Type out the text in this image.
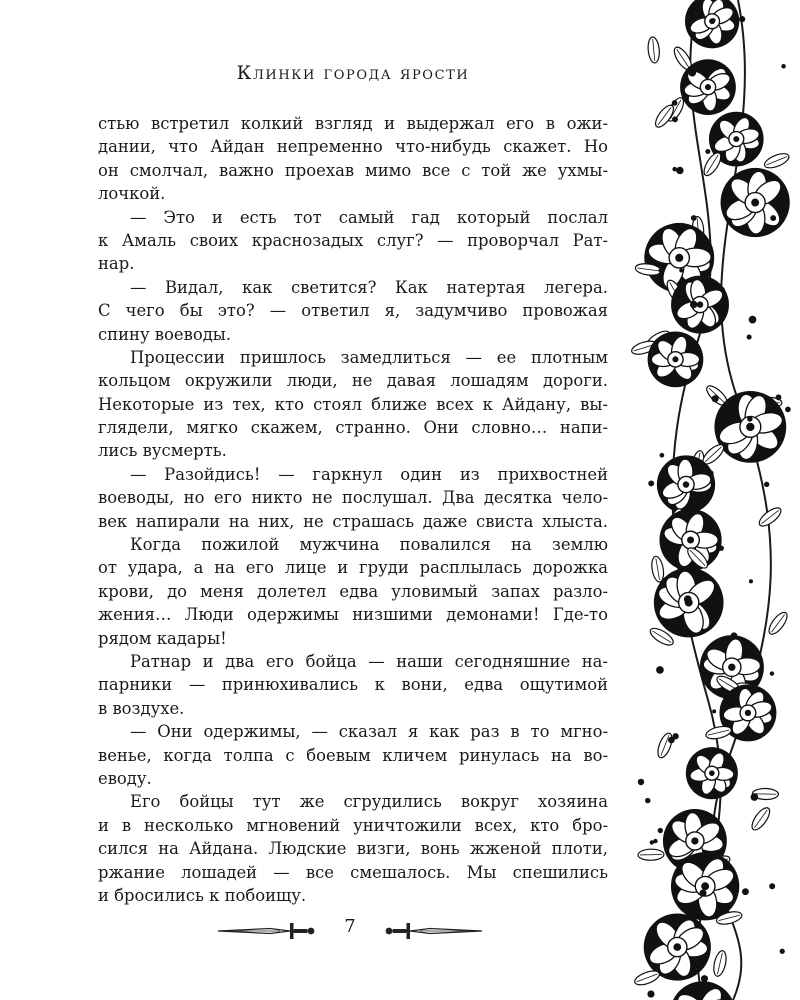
Клинки города ярости
стью встретил колкий взгляд и выдержал его в ожи-
дании, что Айдан непременно что-нибудь скажет. Но
он смолчал, важно проехав мимо все с той же ухмы-
лочкой.
— Это и есть тот самый гад который послал
к Амаль своих краснозадых слуг? — проворчал Рат-
нар.
— Видал, как светится? Как натертая легера.
С чего бы это? — ответил я, задумчиво провожая
спину воеводы.
Процессии пришлось замедлиться — ее плотным
кольцом окружили люди, не давая лошадям дороги.
Некоторые из тех, кто стоял ближе всех к Айдану, вы-
глядели, мягко скажем, странно. Они словно… напи-
лись вусмерть.
— Разойдись! — гаркнул один из прихвостней
воеводы, но его никто не послушал. Два десятка чело-
век напирали на них, не страшась даже свиста хлыста.
Когда пожилой мужчина повалился на землю
от удара, а на его лице и груди расплылась дорожка
крови, до меня долетел едва уловимый запах разло-
жения… Люди одержимы низшими демонами! Где-то
рядом кадары!
Ратнар и два его бойца — наши сегодняшние на-
парники — принюхивались к вони, едва ощутимой
в воздухе.
— Они одержимы, — сказал я как раз в то мгно-
венье, когда толпа с боевым кличем ринулась на во-
еводу.
Его бойцы тут же сгрудились вокруг хозяина
и в несколько мгновений уничтожили всех, кто бро-
сился на Айдана. Людские визги, вонь жженой плоти,
ржание лошадей — все смешалось. Мы спешились
и бросились к побоищу.
7
